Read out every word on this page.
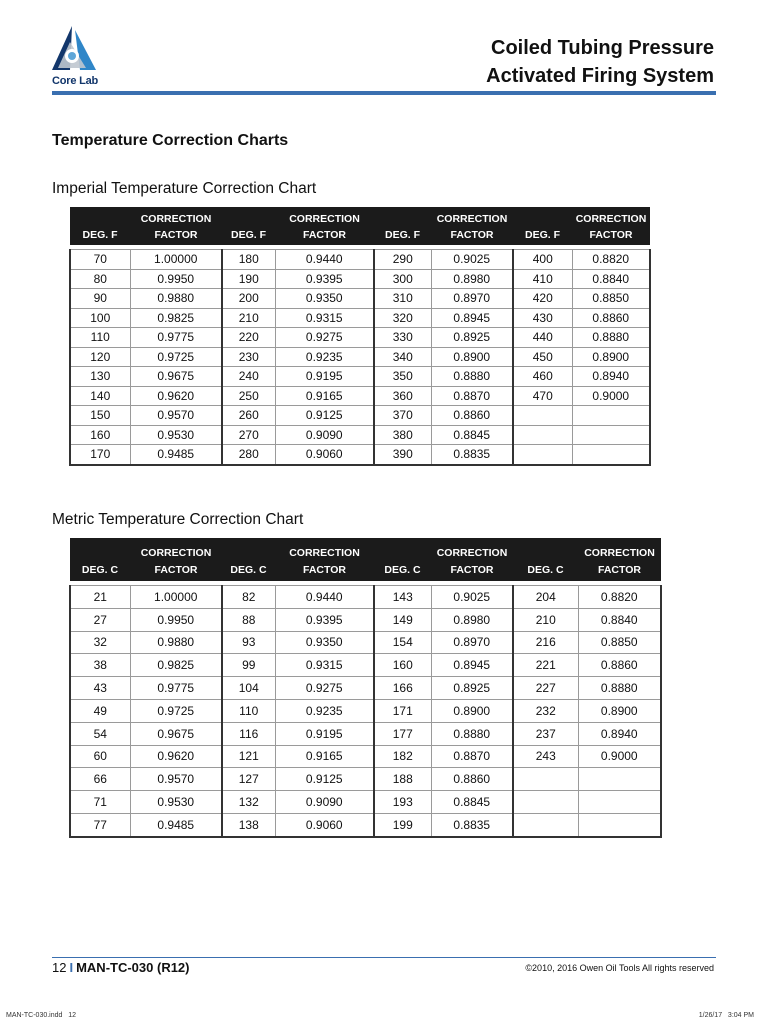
Core Lab
Coiled Tubing Pressure
Activated Firing System
Temperature Correction Charts
Imperial Temperature Correction Chart
	CORRECTION		CORRECTION		CORRECTION		CORRECTION
DEG. F	FACTOR	DEG. F	FACTOR	DEG. F	FACTOR	DEG. F	FACTOR

70	1.00000	180	0.9440	290	0.9025	400	0.8820
80	0.9950	190	0.9395	300	0.8980	410	0.8840
90	0.9880	200	0.9350	310	0.8970	420	0.8850
100	0.9825	210	0.9315	320	0.8945	430	0.8860
110	0.9775	220	0.9275	330	0.8925	440	0.8880
120	0.9725	230	0.9235	340	0.8900	450	0.8900
130	0.9675	240	0.9195	350	0.8880	460	0.8940
140	0.9620	250	0.9165	360	0.8870	470	0.9000
150	0.9570	260	0.9125	370	0.8860		
160	0.9530	270	0.9090	380	0.8845		
170	0.9485	280	0.9060	390	0.8835		
Metric Temperature Correction Chart
	CORRECTION		CORRECTION		CORRECTION		CORRECTION
DEG. C	FACTOR	DEG. C	FACTOR	DEG. C	FACTOR	DEG. C	FACTOR

21	1.00000	82	0.9440	143	0.9025	204	0.8820
27	0.9950	88	0.9395	149	0.8980	210	0.8840
32	0.9880	93	0.9350	154	0.8970	216	0.8850
38	0.9825	99	0.9315	160	0.8945	221	0.8860
43	0.9775	104	0.9275	166	0.8925	227	0.8880
49	0.9725	110	0.9235	171	0.8900	232	0.8900
54	0.9675	116	0.9195	177	0.8880	237	0.8940
60	0.9620	121	0.9165	182	0.8870	243	0.9000
66	0.9570	127	0.9125	188	0.8860		
71	0.9530	132	0.9090	193	0.8845		
77	0.9485	138	0.9060	199	0.8835		
12 I MAN-TC-030 (R12)	©2010, 2016 Owen Oil Tools All rights reserved
MAN-TC-030.indd   12	1/26/17   3:04 PM
